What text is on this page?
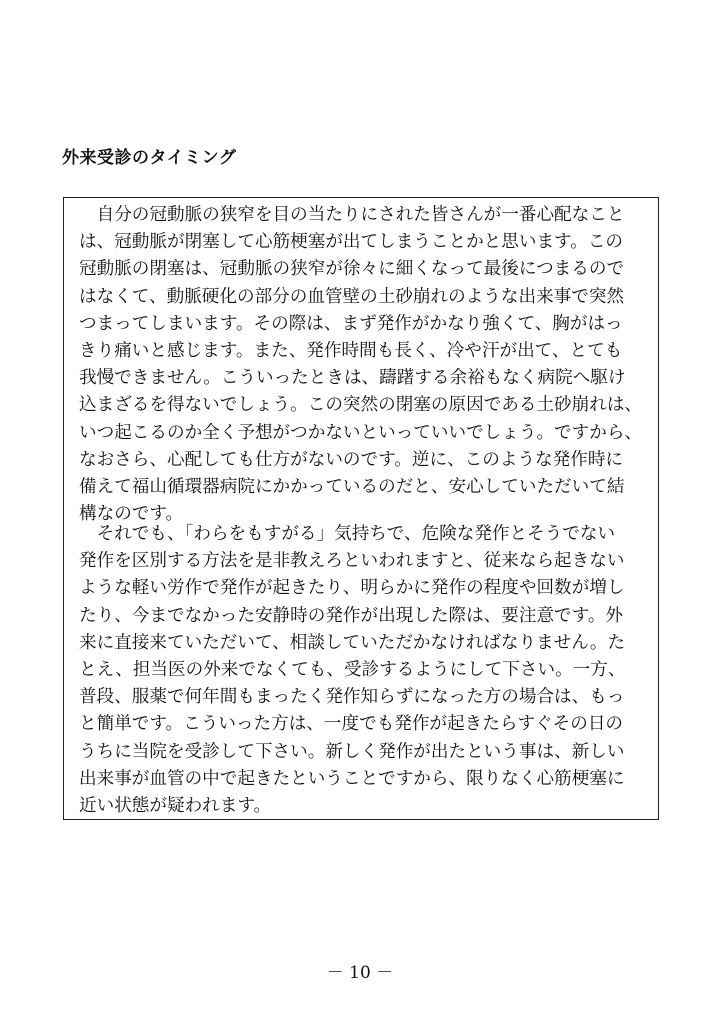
外来受診のタイミング
　自分の冠動脈の狭窄を目の当たりにされた皆さんが一番心配なこと
は、冠動脈が閉塞して心筋梗塞が出てしまうことかと思います。この
冠動脈の閉塞は、冠動脈の狭窄が徐々に細くなって最後につまるので
はなくて、動脈硬化の部分の血管壁の土砂崩れのような出来事で突然
つまってしまいます。その際は、まず発作がかなり強くて、胸がはっ
きり痛いと感じます。また、発作時間も長く、冷や汗が出て、とても
我慢できません。こういったときは、躊躇する余裕もなく病院へ駆け
込まざるを得ないでしょう。この突然の閉塞の原因である土砂崩れは、
いつ起こるのか全く予想がつかないといっていいでしょう。ですから、
なおさら、心配しても仕方がないのです。逆に、このような発作時に
備えて福山循環器病院にかかっているのだと、安心していただいて結
構なのです。
　それでも、「わらをもすがる」気持ちで、危険な発作とそうでない
発作を区別する方法を是非教えろといわれますと、従来なら起きない
ような軽い労作で発作が起きたり、明らかに発作の程度や回数が増し
たり、今までなかった安静時の発作が出現した際は、要注意です。外
来に直接来ていただいて、相談していただかなければなりません。た
とえ、担当医の外来でなくても、受診するようにして下さい。一方、
普段、服薬で何年間もまったく発作知らずになった方の場合は、もっ
と簡単です。こういった方は、一度でも発作が起きたらすぐその日の
うちに当院を受診して下さい。新しく発作が出たという事は、新しい
出来事が血管の中で起きたということですから、限りなく心筋梗塞に
近い状態が疑われます。

－ 10 －
